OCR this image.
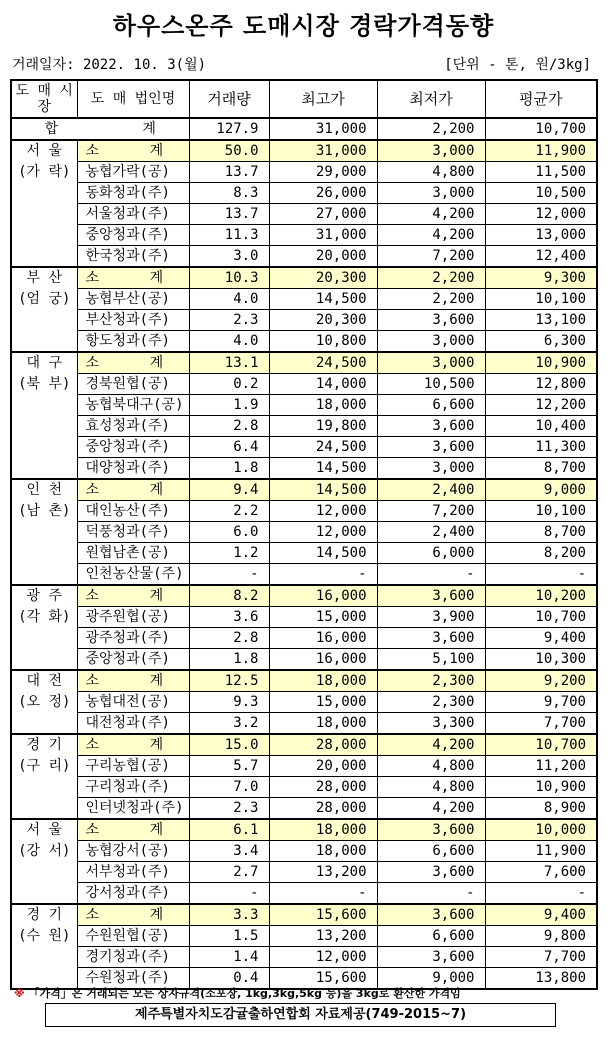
하우스온주 도매시장 경락가격동향
거래일자: 2022. 10. 3(월)	[단위 - 톤, 원/3kg]
도 매 시 장	도 매 법인명	거래량	최고가	최저가	평균가
합          계		127.9	31,000	2,200	10,700
서 울
(가 락)	소      계	50.0	31,000	3,000	11,900
	농협가락(공)	13.7	29,000	4,800	11,500
	동화청과(주)	8.3	26,000	3,000	10,500
	서울청과(주)	13.7	27,000	4,200	12,000
	중앙청과(주)	11.3	31,000	4,200	13,000
	한국청과(주)	3.0	20,000	7,200	12,400
부 산
(엄 궁)	소      계	10.3	20,300	2,200	9,300
	농협부산(공)	4.0	14,500	2,200	10,100
	부산청과(주)	2.3	20,300	3,600	13,100
	항도청과(주)	4.0	10,800	3,000	6,300
대 구
(북 부)	소      계	13.1	24,500	3,000	10,900
	경북원협(공)	0.2	14,000	10,500	12,800
	농협북대구(공)	1.9	18,000	6,600	12,200
	효성청과(주)	2.8	19,800	3,600	10,400
	중앙청과(주)	6.4	24,500	3,600	11,300
	대양청과(주)	1.8	14,500	3,000	8,700
인 천
(남 촌)	소      계	9.4	14,500	2,400	9,000
	대인농산(주)	2.2	12,000	7,200	10,100
	덕풍청과(주)	6.0	12,000	2,400	8,700
	원협남촌(공)	1.2	14,500	6,000	8,200
	인천농산물(주)	-	-	-	-
광 주
(각 화)	소      계	8.2	16,000	3,600	10,200
	광주원협(공)	3.6	15,000	3,900	10,700
	광주청과(주)	2.8	16,000	3,600	9,400
	중앙청과(주)	1.8	16,000	5,100	10,300
대 전
(오 정)	소      계	12.5	18,000	2,300	9,200
	농협대전(공)	9.3	15,000	2,300	9,700
	대전청과(주)	3.2	18,000	3,300	7,700
경 기
(구 리)	소      계	15.0	28,000	4,200	10,700
	구리농협(공)	5.7	20,000	4,800	11,200
	구리청과(주)	7.0	28,000	4,800	10,900
	인터넷청과(주)	2.3	28,000	4,200	8,900
서 울
(강 서)	소      계	6.1	18,000	3,600	10,000
	농협강서(공)	3.4	18,000	6,600	11,900
	서부청과(주)	2.7	13,200	3,600	7,600
	강서청과(주)	-	-	-	-
경 기
(수 원)	소      계	3.3	15,600	3,600	9,400
	수원원협(공)	1.5	13,200	6,600	9,800
	경기청과(주)	1.4	12,000	3,600	7,700
	수원청과(주)	0.4	15,600	9,000	13,800
※ 「가격」은 거래되는 모든 상자규격(소포장, 1kg,3kg,5kg 등)을 3kg로 환산한 가격임
제주특별자치도감귤출하연합회 자료제공(749-2015~7)
